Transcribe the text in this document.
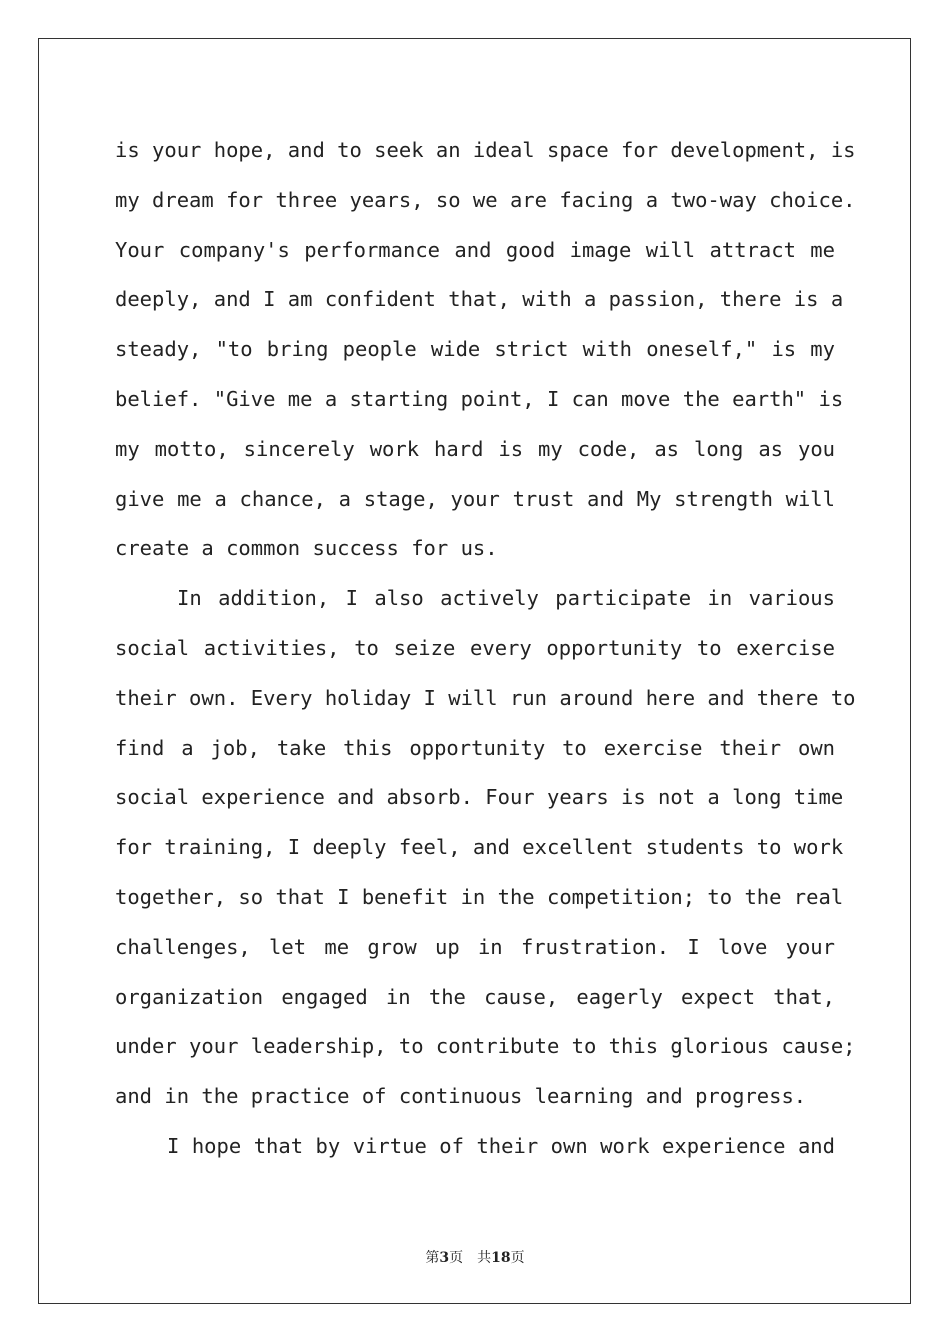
is your hope, and to seek an ideal space for development, is
my dream for three years, so we are facing a two-way choice.
Your company's performance and good image will attract me
deeply, and I am confident that, with a passion, there is a
steady, "to bring people wide strict with oneself," is my
belief. "Give me a starting point, I can move the earth" is
my motto, sincerely work hard is my code, as long as you
give me a chance, a stage, your trust and My strength will
create a common success for us.
In addition, I also actively participate in various
social activities, to seize every opportunity to exercise
their own. Every holiday I will run around here and there to
find a job, take this opportunity to exercise their own
social experience and absorb. Four years is not a long time
for training, I deeply feel, and excellent students to work
together, so that I benefit in the competition; to the real
challenges, let me grow up in frustration. I love your
organization engaged in the cause, eagerly expect that,
under your leadership, to contribute to this glorious cause;
and in the practice of continuous learning and progress.
I hope that by virtue of their own work experience and
第3页　共18页
